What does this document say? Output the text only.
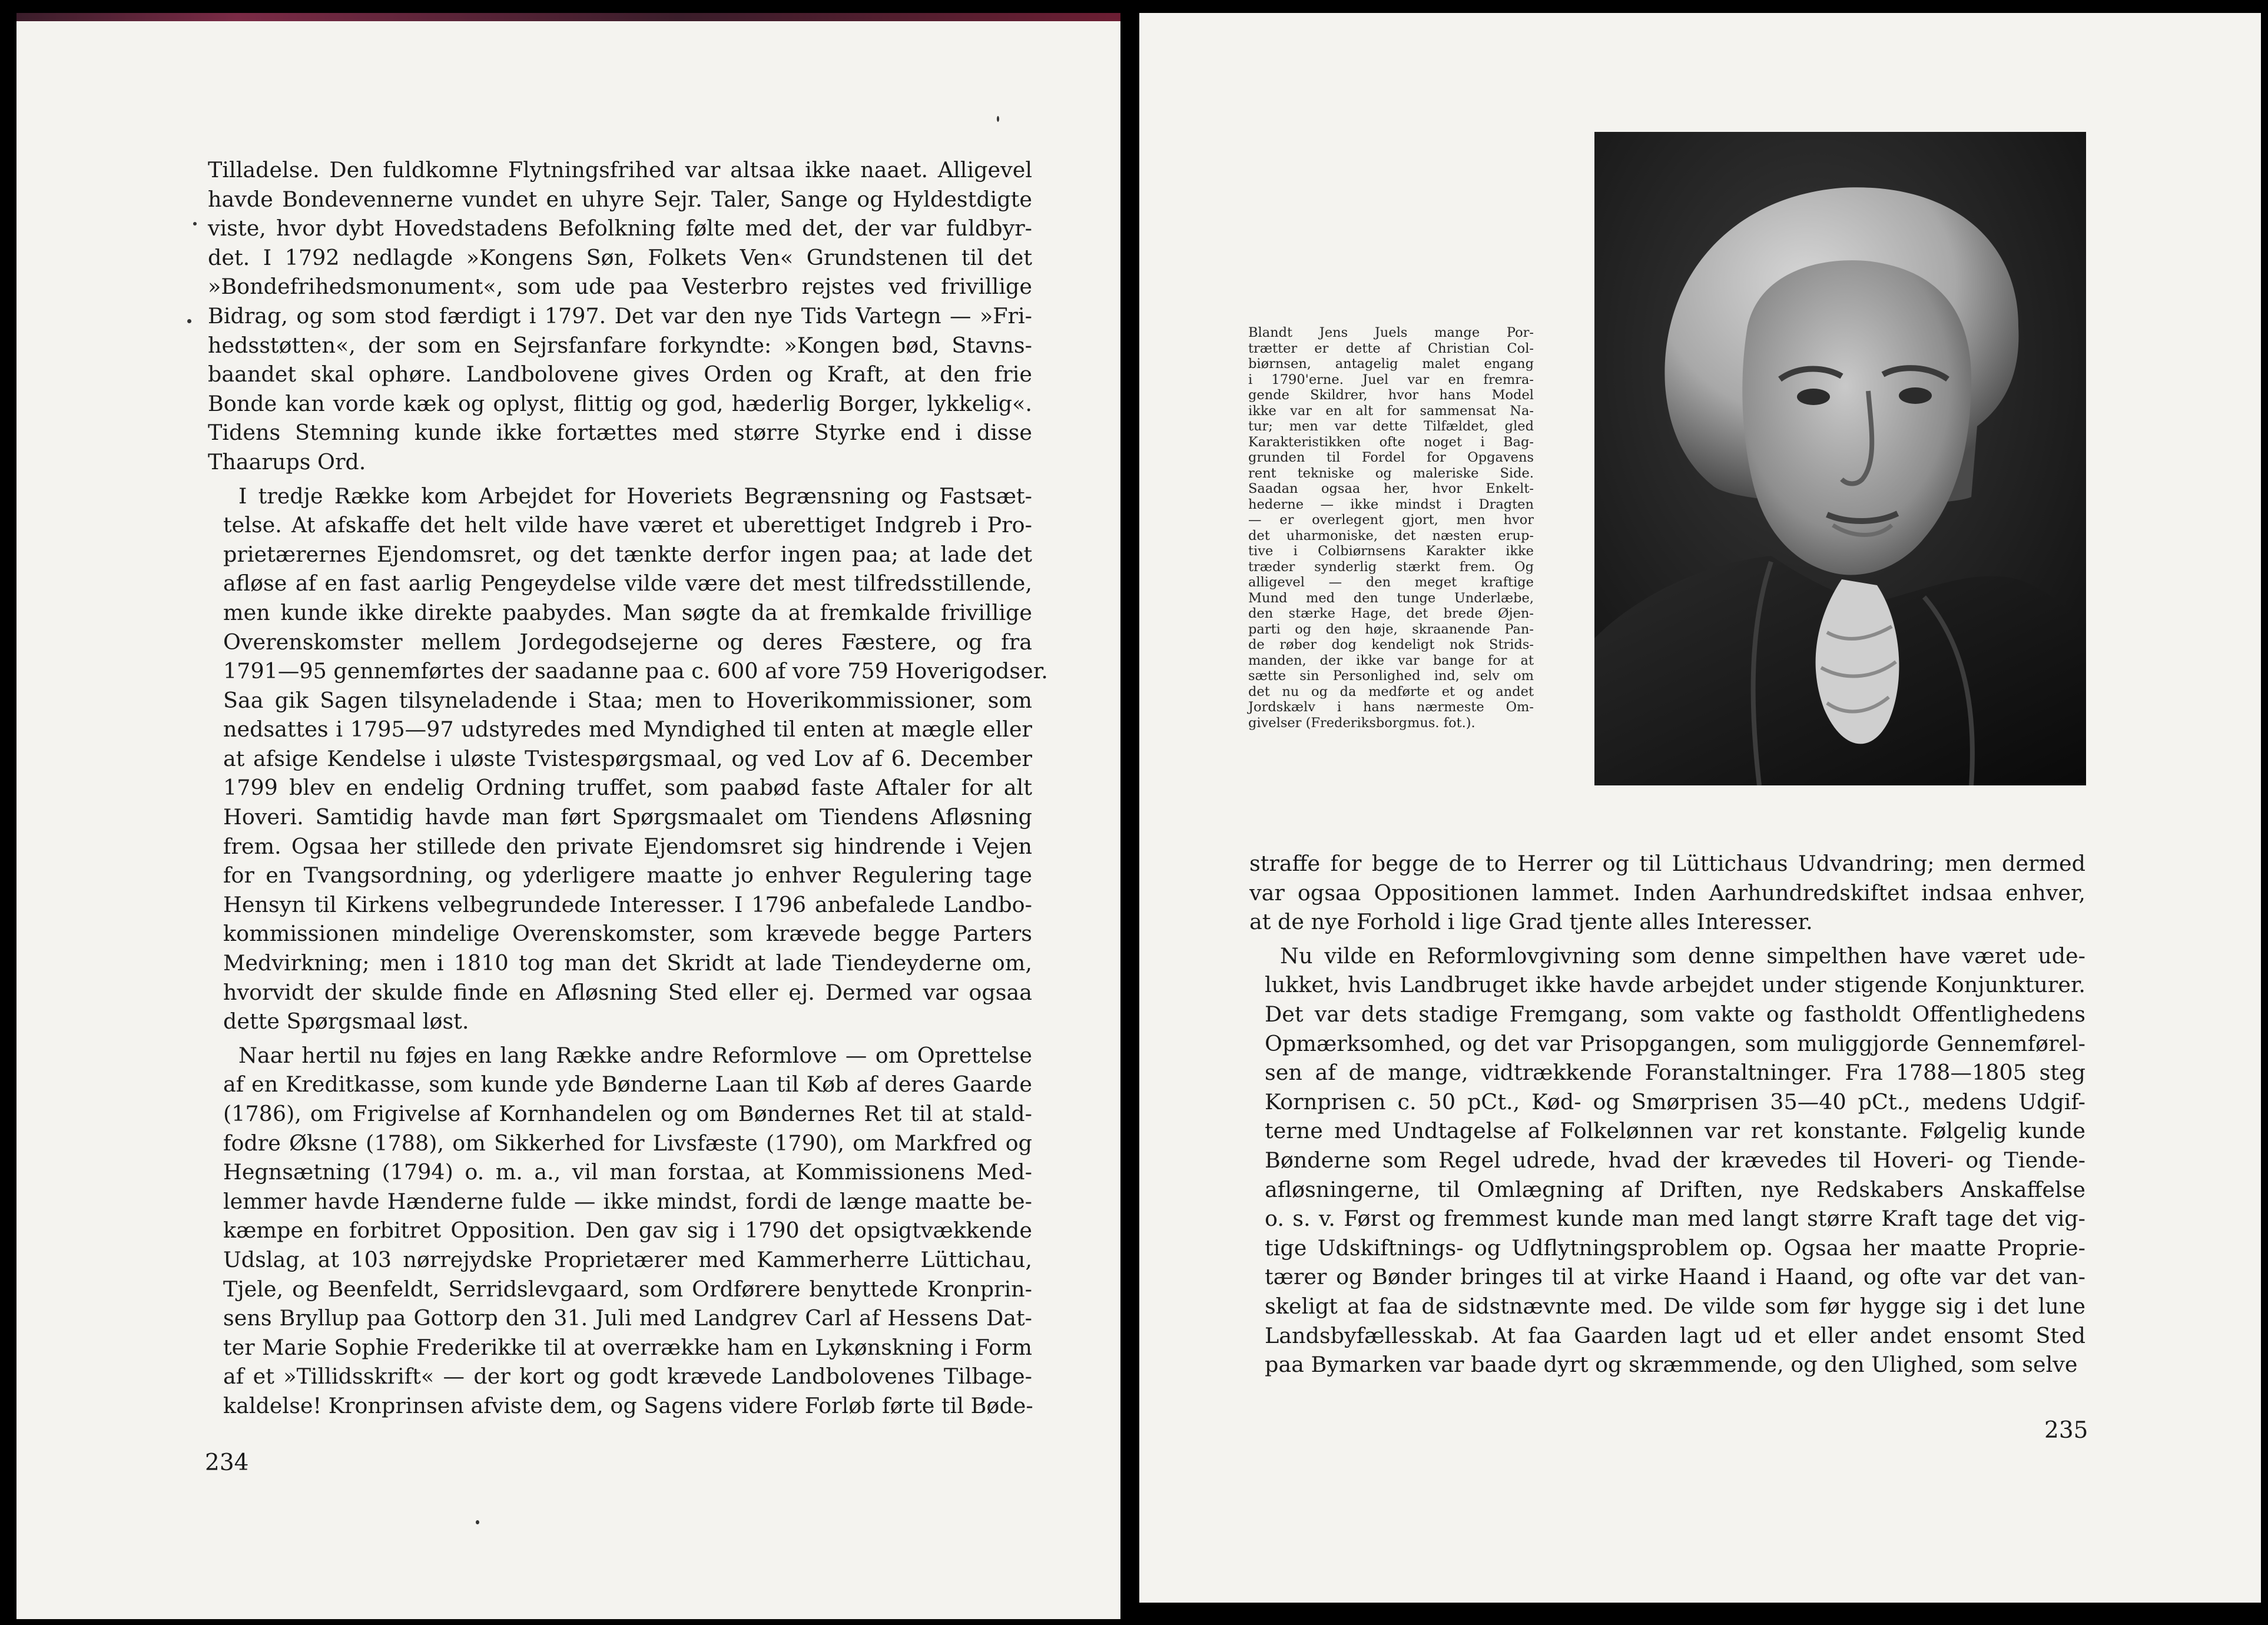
Tilladelse. Den fuldkomne Flytningsfrihed var altsaa ikke naaet. Alligevel
havde Bondevennerne vundet en uhyre Sejr. Taler, Sange og Hyldestdigte
viste, hvor dybt Hovedstadens Befolkning følte med det, der var fuldbyr-
det. I 1792 nedlagde »Kongens Søn, Folkets Ven« Grundstenen til det
»Bondefrihedsmonument«, som ude paa Vesterbro rejstes ved frivillige
Bidrag, og som stod færdigt i 1797. Det var den nye Tids Vartegn — »Fri-
hedsstøtten«, der som en Sejrsfanfare forkyndte: »Kongen bød, Stavns-
baandet skal ophøre. Landbolovene gives Orden og Kraft, at den frie
Bonde kan vorde kæk og oplyst, flittig og god, hæderlig Borger, lykkelig«.
Tidens Stemning kunde ikke fortættes med større Styrke end i disse
Thaarups Ord.

I tredje Række kom Arbejdet for Hoveriets Begrænsning og Fastsæt-
telse. At afskaffe det helt vilde have været et uberettiget Indgreb i Pro-
prietærernes Ejendomsret, og det tænkte derfor ingen paa; at lade det
afløse af en fast aarlig Pengeydelse vilde være det mest tilfredsstillende,
men kunde ikke direkte paabydes. Man søgte da at fremkalde frivillige
Overenskomster mellem Jordegodsejerne og deres Fæstere, og fra
1791—95 gennemførtes der saadanne paa c. 600 af vore 759 Hoverigodser.
Saa gik Sagen tilsyneladende i Staa; men to Hoverikommissioner, som
nedsattes i 1795—97 udstyredes med Myndighed til enten at mægle eller
at afsige Kendelse i uløste Tvistespørgsmaal, og ved Lov af 6. December
1799 blev en endelig Ordning truffet, som paabød faste Aftaler for alt
Hoveri. Samtidig havde man ført Spørgsmaalet om Tiendens Afløsning
frem. Ogsaa her stillede den private Ejendomsret sig hindrende i Vejen
for en Tvangsordning, og yderligere maatte jo enhver Regulering tage
Hensyn til Kirkens velbegrundede Interesser. I 1796 anbefalede Landbo-
kommissionen mindelige Overenskomster, som krævede begge Parters
Medvirkning; men i 1810 tog man det Skridt at lade Tiendeyderne om,
hvorvidt der skulde finde en Afløsning Sted eller ej. Dermed var ogsaa
dette Spørgsmaal løst.

Naar hertil nu føjes en lang Række andre Reformlove — om Oprettelse
af en Kreditkasse, som kunde yde Bønderne Laan til Køb af deres Gaarde
(1786), om Frigivelse af Kornhandelen og om Bøndernes Ret til at stald-
fodre Øksne (1788), om Sikkerhed for Livsfæste (1790), om Markfred og
Hegnsætning (1794) o. m. a., vil man forstaa, at Kommissionens Med-
lemmer havde Hænderne fulde — ikke mindst, fordi de længe maatte be-
kæmpe en forbitret Opposition. Den gav sig i 1790 det opsigtvækkende
Udslag, at 103 nørrejydske Proprietærer med Kammerherre Lüttichau,
Tjele, og Beenfeldt, Serridslevgaard, som Ordførere benyttede Kronprin-
sens Bryllup paa Gottorp den 31. Juli med Landgrev Carl af Hessens Dat-
ter Marie Sophie Frederikke til at overrække ham en Lykønskning i Form
af et »Tillidsskrift« — der kort og godt krævede Landbolovenes Tilbage-
kaldelse! Kronprinsen afviste dem, og Sagens videre Forløb førte til Bøde-

234
Blandt Jens Juels mange Por-
trætter er dette af Christian Col-
biørnsen, antagelig malet engang
i 1790'erne. Juel var en fremra-
gende Skildrer, hvor hans Model
ikke var en alt for sammensat Na-
tur; men var dette Tilfældet, gled
Karakteristikken ofte noget i Bag-
grunden til Fordel for Opgavens
rent tekniske og maleriske Side.
Saadan ogsaa her, hvor Enkelt-
hederne — ikke mindst i Dragten
— er overlegent gjort, men hvor
det uharmoniske, det næsten erup-
tive i Colbiørnsens Karakter ikke
træder synderlig stærkt frem. Og
alligevel — den meget kraftige
Mund med den tunge Underlæbe,
den stærke Hage, det brede Øjen-
parti og den høje, skraanende Pan-
de røber dog kendeligt nok Strids-
manden, der ikke var bange for at
sætte sin Personlighed ind, selv om
det nu og da medførte et og andet
Jordskælv i hans nærmeste Om-
givelser (Frederiksborgmus. fot.).

straffe for begge de to Herrer og til Lüttichaus Udvandring; men dermed
var ogsaa Oppositionen lammet. Inden Aarhundredskiftet indsaa enhver,
at de nye Forhold i lige Grad tjente alles Interesser.

Nu vilde en Reformlovgivning som denne simpelthen have været ude-
lukket, hvis Landbruget ikke havde arbejdet under stigende Konjunkturer.
Det var dets stadige Fremgang, som vakte og fastholdt Offentlighedens
Opmærksomhed, og det var Prisopgangen, som muliggjorde Gennemførel-
sen af de mange, vidtrækkende Foranstaltninger. Fra 1788—1805 steg
Kornprisen c. 50 pCt., Kød- og Smørprisen 35—40 pCt., medens Udgif-
terne med Undtagelse af Folkelønnen var ret konstante. Følgelig kunde
Bønderne som Regel udrede, hvad der krævedes til Hoveri- og Tiende-
afløsningerne, til Omlægning af Driften, nye Redskabers Anskaffelse
o. s. v. Først og fremmest kunde man med langt større Kraft tage det vig-
tige Udskiftnings- og Udflytningsproblem op. Ogsaa her maatte Proprie-
tærer og Bønder bringes til at virke Haand i Haand, og ofte var det van-
skeligt at faa de sidstnævnte med. De vilde som før hygge sig i det lune
Landsbyfællesskab. At faa Gaarden lagt ud et eller andet ensomt Sted
paa Bymarken var baade dyrt og skræmmende, og den Ulighed, som selve

235
